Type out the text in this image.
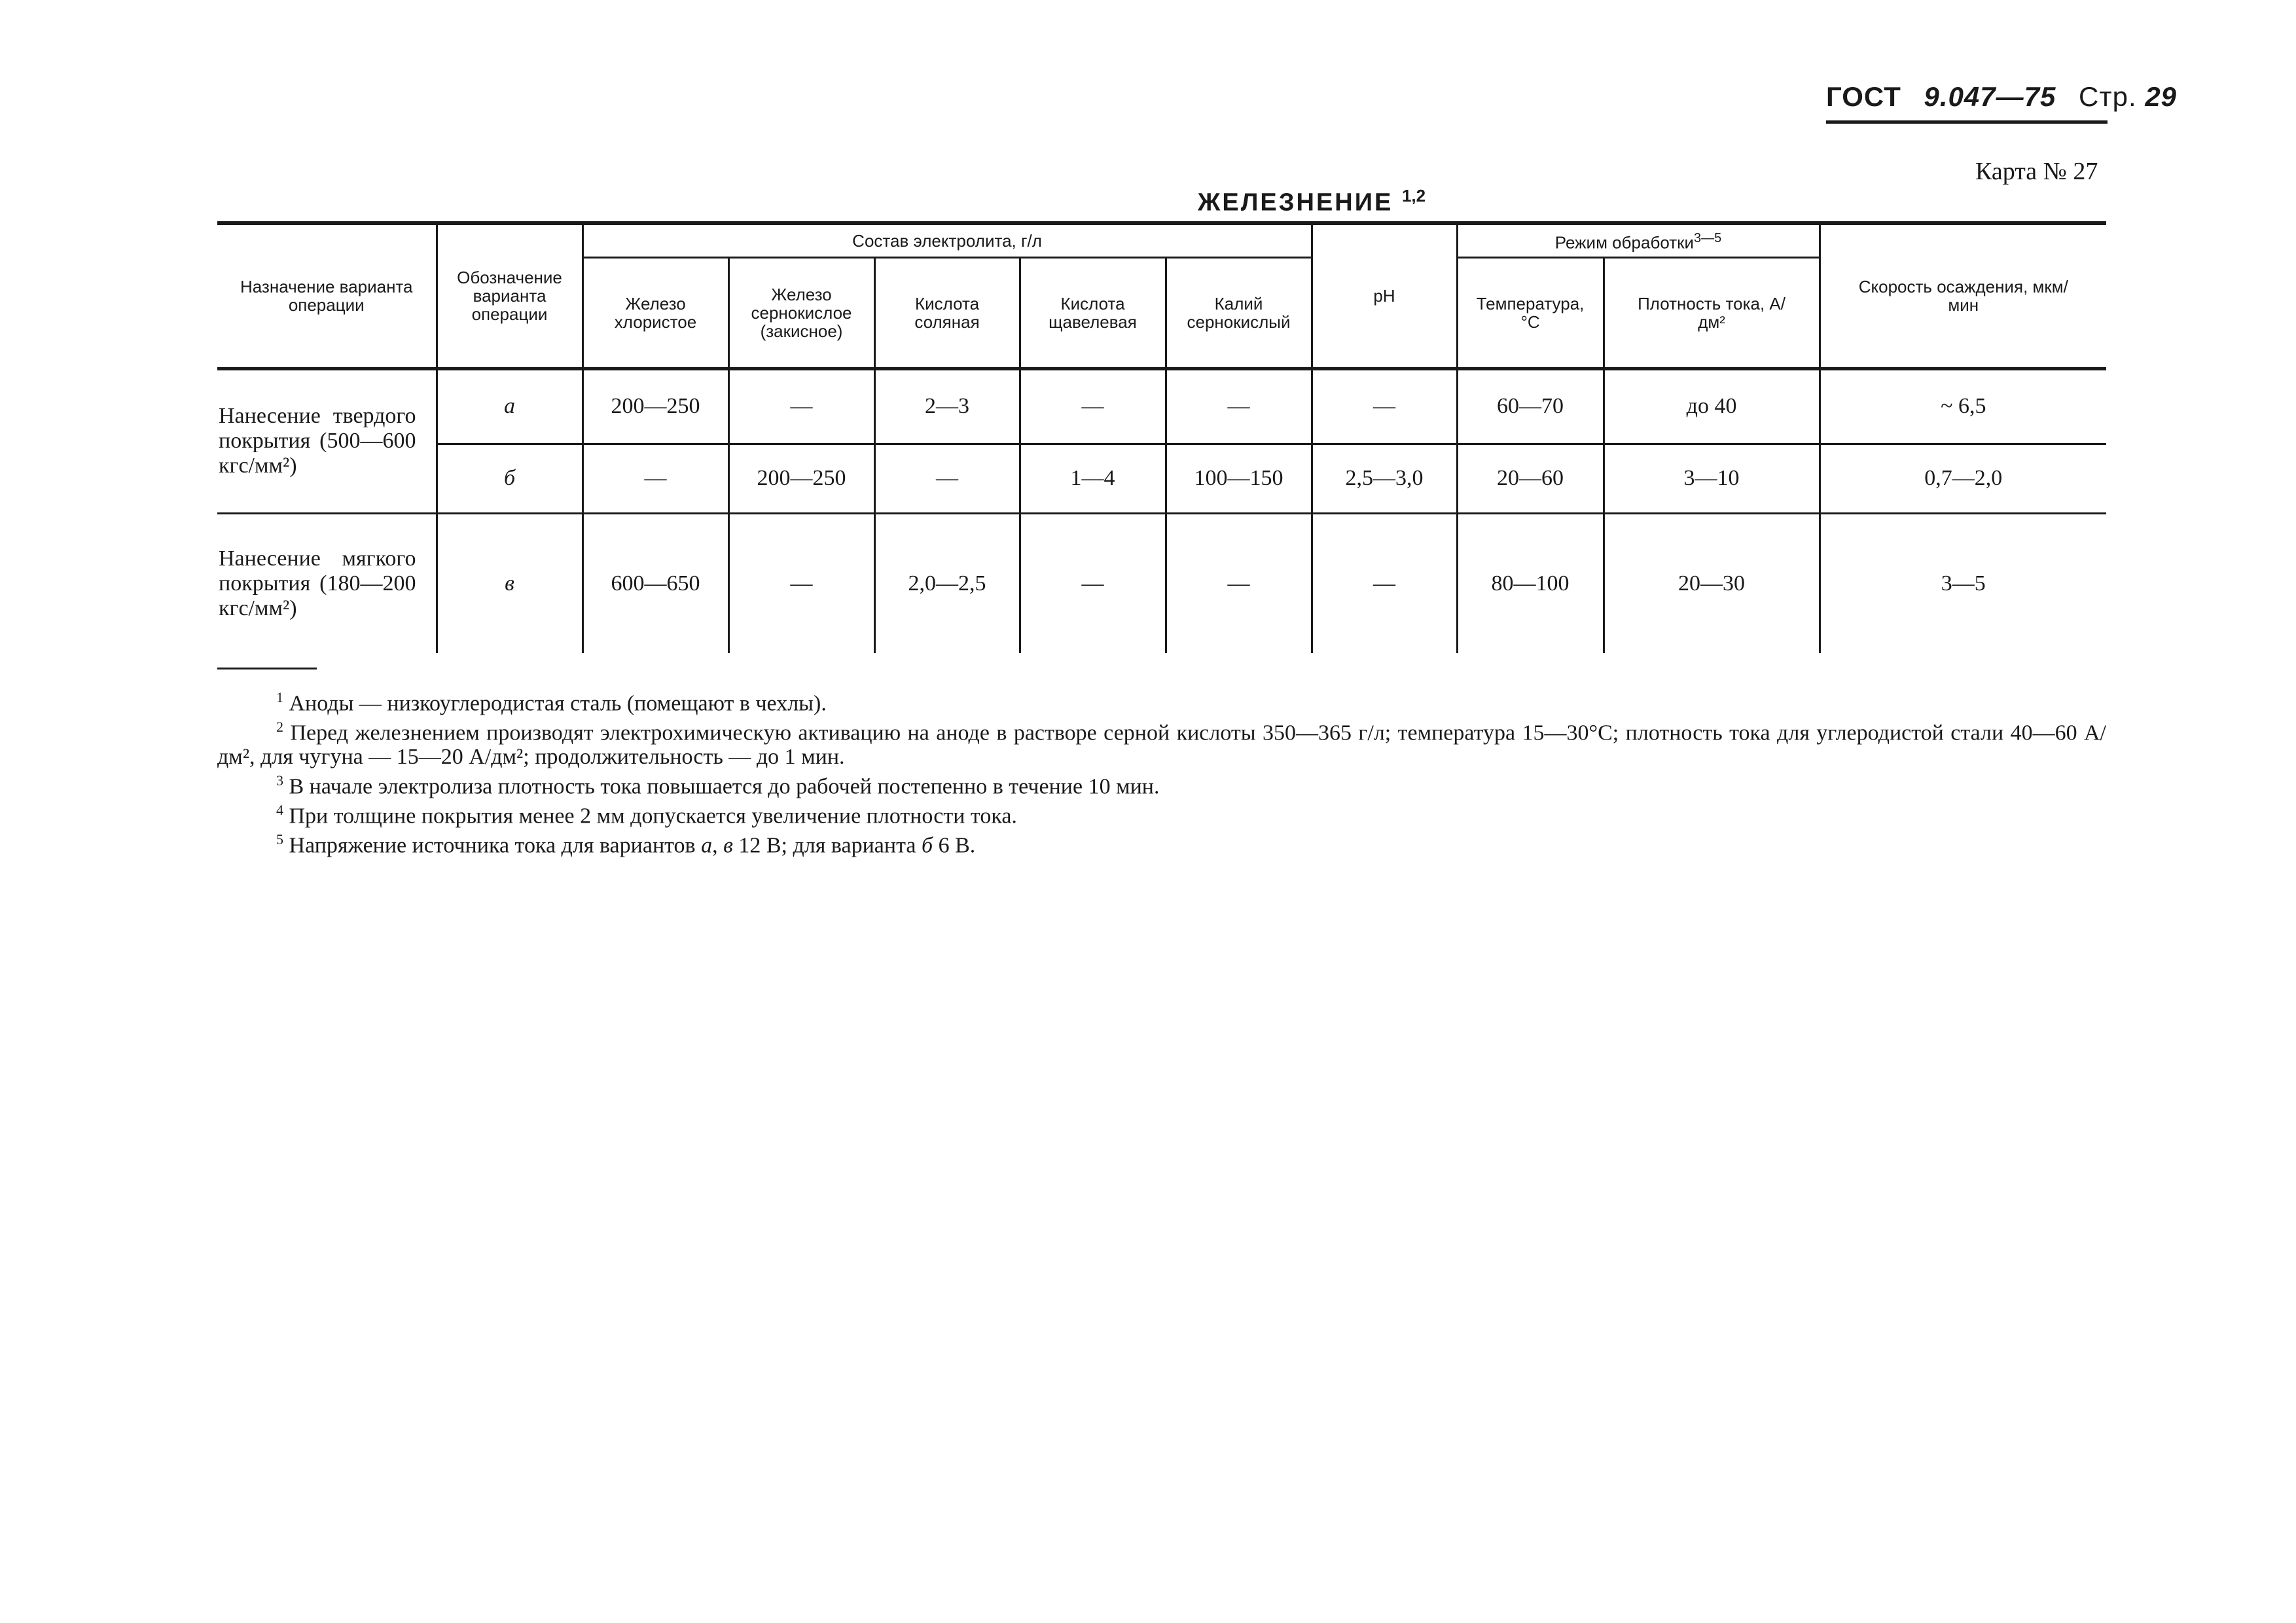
ГОСТ 9.047—75 Стр. 29
Карта № 27
ЖЕЛЕЗНЕНИЕ $^{1,2}$
Назначение варианта операции	Обозначение варианта операции	Состав электролита, г/л					pH	Режим обработки$^{3—5}$		Скорость осаждения, мкм/мин
		Железо хлористое	Железо сернокислое (закисное)	Кислота соляная	Кислота щавелевая	Калий сернокислый		Температура, °С	Плотность тока, А/дм²	

Нанесение твердого покрытия (500—600 кгс/мм²)	а	200—250	—	2—3	—	—	—	60—70	до 40	~ 6,5
	б	—	200—250	—	1—4	100—150	2,5—3,0	20—60	3—10	0,7—2,0

Нанесение мягкого покрытия (180—200 кгс/мм²)	в	600—650	—	2,0—2,5	—	—	—	80—100	20—30	3—5
$^1$ Аноды — низкоуглеродистая сталь (помещают в чехлы).
$^2$ Перед железнением производят электрохимическую активацию на аноде в растворе серной кислоты 350—365 г/л; температура 15—30°С; плотность тока для углеродистой стали 40—60 А/дм², для чугуна — 15—20 А/дм²; продолжительность — до 1 мин.
$^3$ В начале электролиза плотность тока повышается до рабочей постепенно в течение 10 мин.
$^4$ При толщине покрытия менее 2 мм допускается увеличение плотности тока.
$^5$ Напряжение источника тока для вариантов а, в 12 В; для варианта б 6 В.
